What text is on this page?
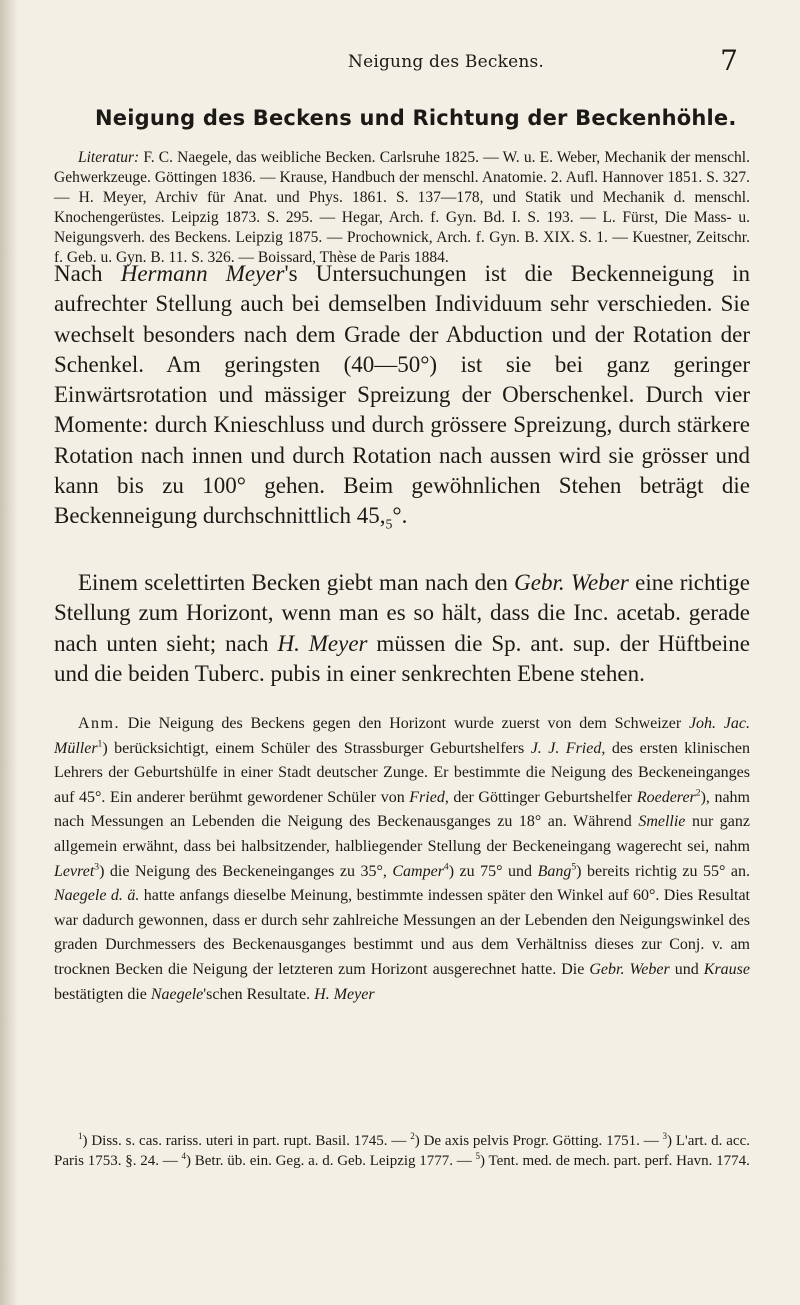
Neigung des Beckens.	7
Neigung des Beckens und Richtung der Beckenhöhle.

Literatur: F. C. Naegele, das weibliche Becken. Carlsruhe 1825. — W. u. E. Weber, Mechanik der menschl. Gehwerkzeuge. Göttingen 1836. — Krause, Handbuch der menschl. Anatomie. 2. Aufl. Hannover 1851. S. 327. — H. Meyer, Archiv für Anat. und Phys. 1861. S. 137—178, und Statik und Mechanik d. menschl. Knochengerüstes. Leipzig 1873. S. 295. — Hegar, Arch. f. Gyn. Bd. I. S. 193. — L. Fürst, Die Mass- u. Neigungsverh. des Beckens. Leipzig 1875. — Prochownick, Arch. f. Gyn. B. XIX. S. 1. — Kuestner, Zeitschr. f. Geb. u. Gyn. B. 11. S. 326. — Boissard, Thèse de Paris 1884.

Nach Hermann Meyer's Untersuchungen ist die Beckenneigung in aufrechter Stellung auch bei demselben Individuum sehr verschieden. Sie wechselt besonders nach dem Grade der Abduction und der Rotation der Schenkel. Am geringsten (40—50°) ist sie bei ganz geringer Einwärtsrotation und mässiger Spreizung der Oberschenkel. Durch vier Momente: durch Knieschluss und durch grössere Spreizung, durch stärkere Rotation nach innen und durch Rotation nach aussen wird sie grösser und kann bis zu 100° gehen. Beim gewöhnlichen Stehen beträgt die Beckenneigung durchschnittlich $45,_5^\circ$.

Einem scelettirten Becken giebt man nach den Gebr. Weber eine richtige Stellung zum Horizont, wenn man es so hält, dass die Inc. acetab. gerade nach unten sieht; nach H. Meyer müssen die Sp. ant. sup. der Hüftbeine und die beiden Tuberc. pubis in einer senkrechten Ebene stehen.

Anm. Die Neigung des Beckens gegen den Horizont wurde zuerst von dem Schweizer Joh. Jac. Müller$^1$) berücksichtigt, einem Schüler des Strassburger Geburtshelfers J. J. Fried, des ersten klinischen Lehrers der Geburtshülfe in einer Stadt deutscher Zunge. Er bestimmte die Neigung des Beckeneinganges auf 45°. Ein anderer berühmt gewordener Schüler von Fried, der Göttinger Geburtshelfer Roederer$^2$), nahm nach Messungen an Lebenden die Neigung des Beckenausganges zu 18° an. Während Smellie nur ganz allgemein erwähnt, dass bei halbsitzender, halbliegender Stellung der Beckeneingang wagerecht sei, nahm Levret$^3$) die Neigung des Beckeneinganges zu 35°, Camper$^4$) zu 75° und Bang$^5$) bereits richtig zu 55° an. Naegele d. ä. hatte anfangs dieselbe Meinung, bestimmte indessen später den Winkel auf 60°. Dies Resultat war dadurch gewonnen, dass er durch sehr zahlreiche Messungen an der Lebenden den Neigungswinkel des graden Durchmessers des Beckenausganges bestimmt und aus dem Verhältniss dieses zur Conj. v. am trocknen Becken die Neigung der letzteren zum Horizont ausgerechnet hatte. Die Gebr. Weber und Krause bestätigten die Naegele'schen Resultate. H. Meyer

$^1$) Diss. s. cas. rariss. uteri in part. rupt. Basil. 1745. — $^2$) De axis pelvis Progr. Götting. 1751. — $^3$) L'art. d. acc. Paris 1753. §. 24. — $^4$) Betr. üb. ein. Geg. a. d. Geb. Leipzig 1777. — $^5$) Tent. med. de mech. part. perf. Havn. 1774.
